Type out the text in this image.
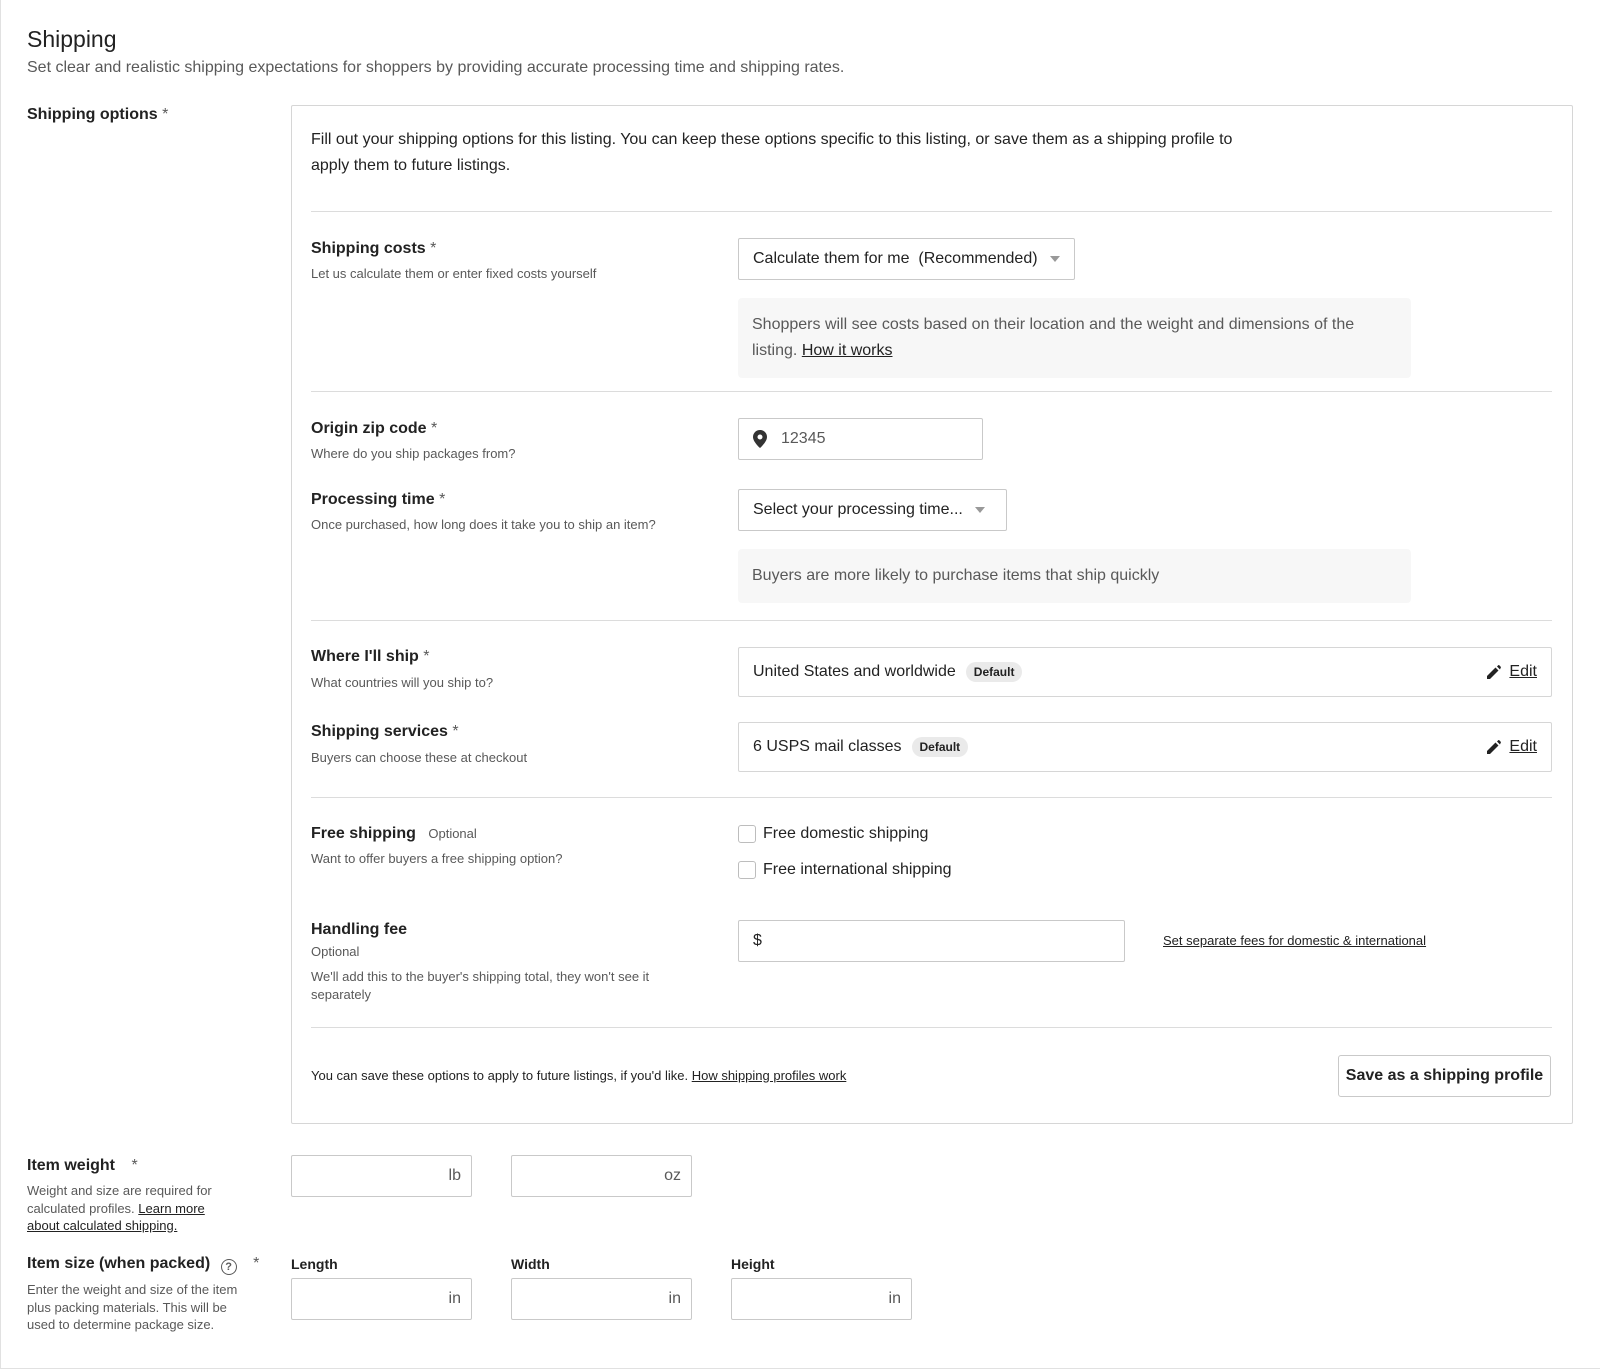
Shipping
Set clear and realistic shipping expectations for shoppers by providing accurate processing time and shipping rates.
Shipping options *
Fill out your shipping options for this listing. You can keep these options specific to this listing, or save them as a shipping profile to apply them to future listings.
Shipping costs *
Let us calculate them or enter fixed costs yourself
Calculate them for me  (Recommended)
Shoppers will see costs based on their location and the weight and dimensions of the listing. How it works
Origin zip code *
Where do you ship packages from?
12345
Processing time *
Once purchased, how long does it take you to ship an item?
Select your processing time...
Buyers are more likely to purchase items that ship quickly
Where I'll ship *
What countries will you ship to?
United States and worldwide	Default	Edit
Shipping services *
Buyers can choose these at checkout
6 USPS mail classes	Default	Edit
Free shipping Optional
Want to offer buyers a free shipping option?
Free domestic shipping
Free international shipping
Handling fee
Optional
We'll add this to the buyer's shipping total, they won't see it separately
$	Set separate fees for domestic & international
You can save these options to apply to future listings, if you'd like. How shipping profiles work	Save as a shipping profile
Item weight *
Weight and size are required for calculated profiles. Learn more about calculated shipping.
lb	oz
Item size (when packed) ? *
Enter the weight and size of the item plus packing materials. This will be used to determine package size.
Length
in
Width
in
Height
in
